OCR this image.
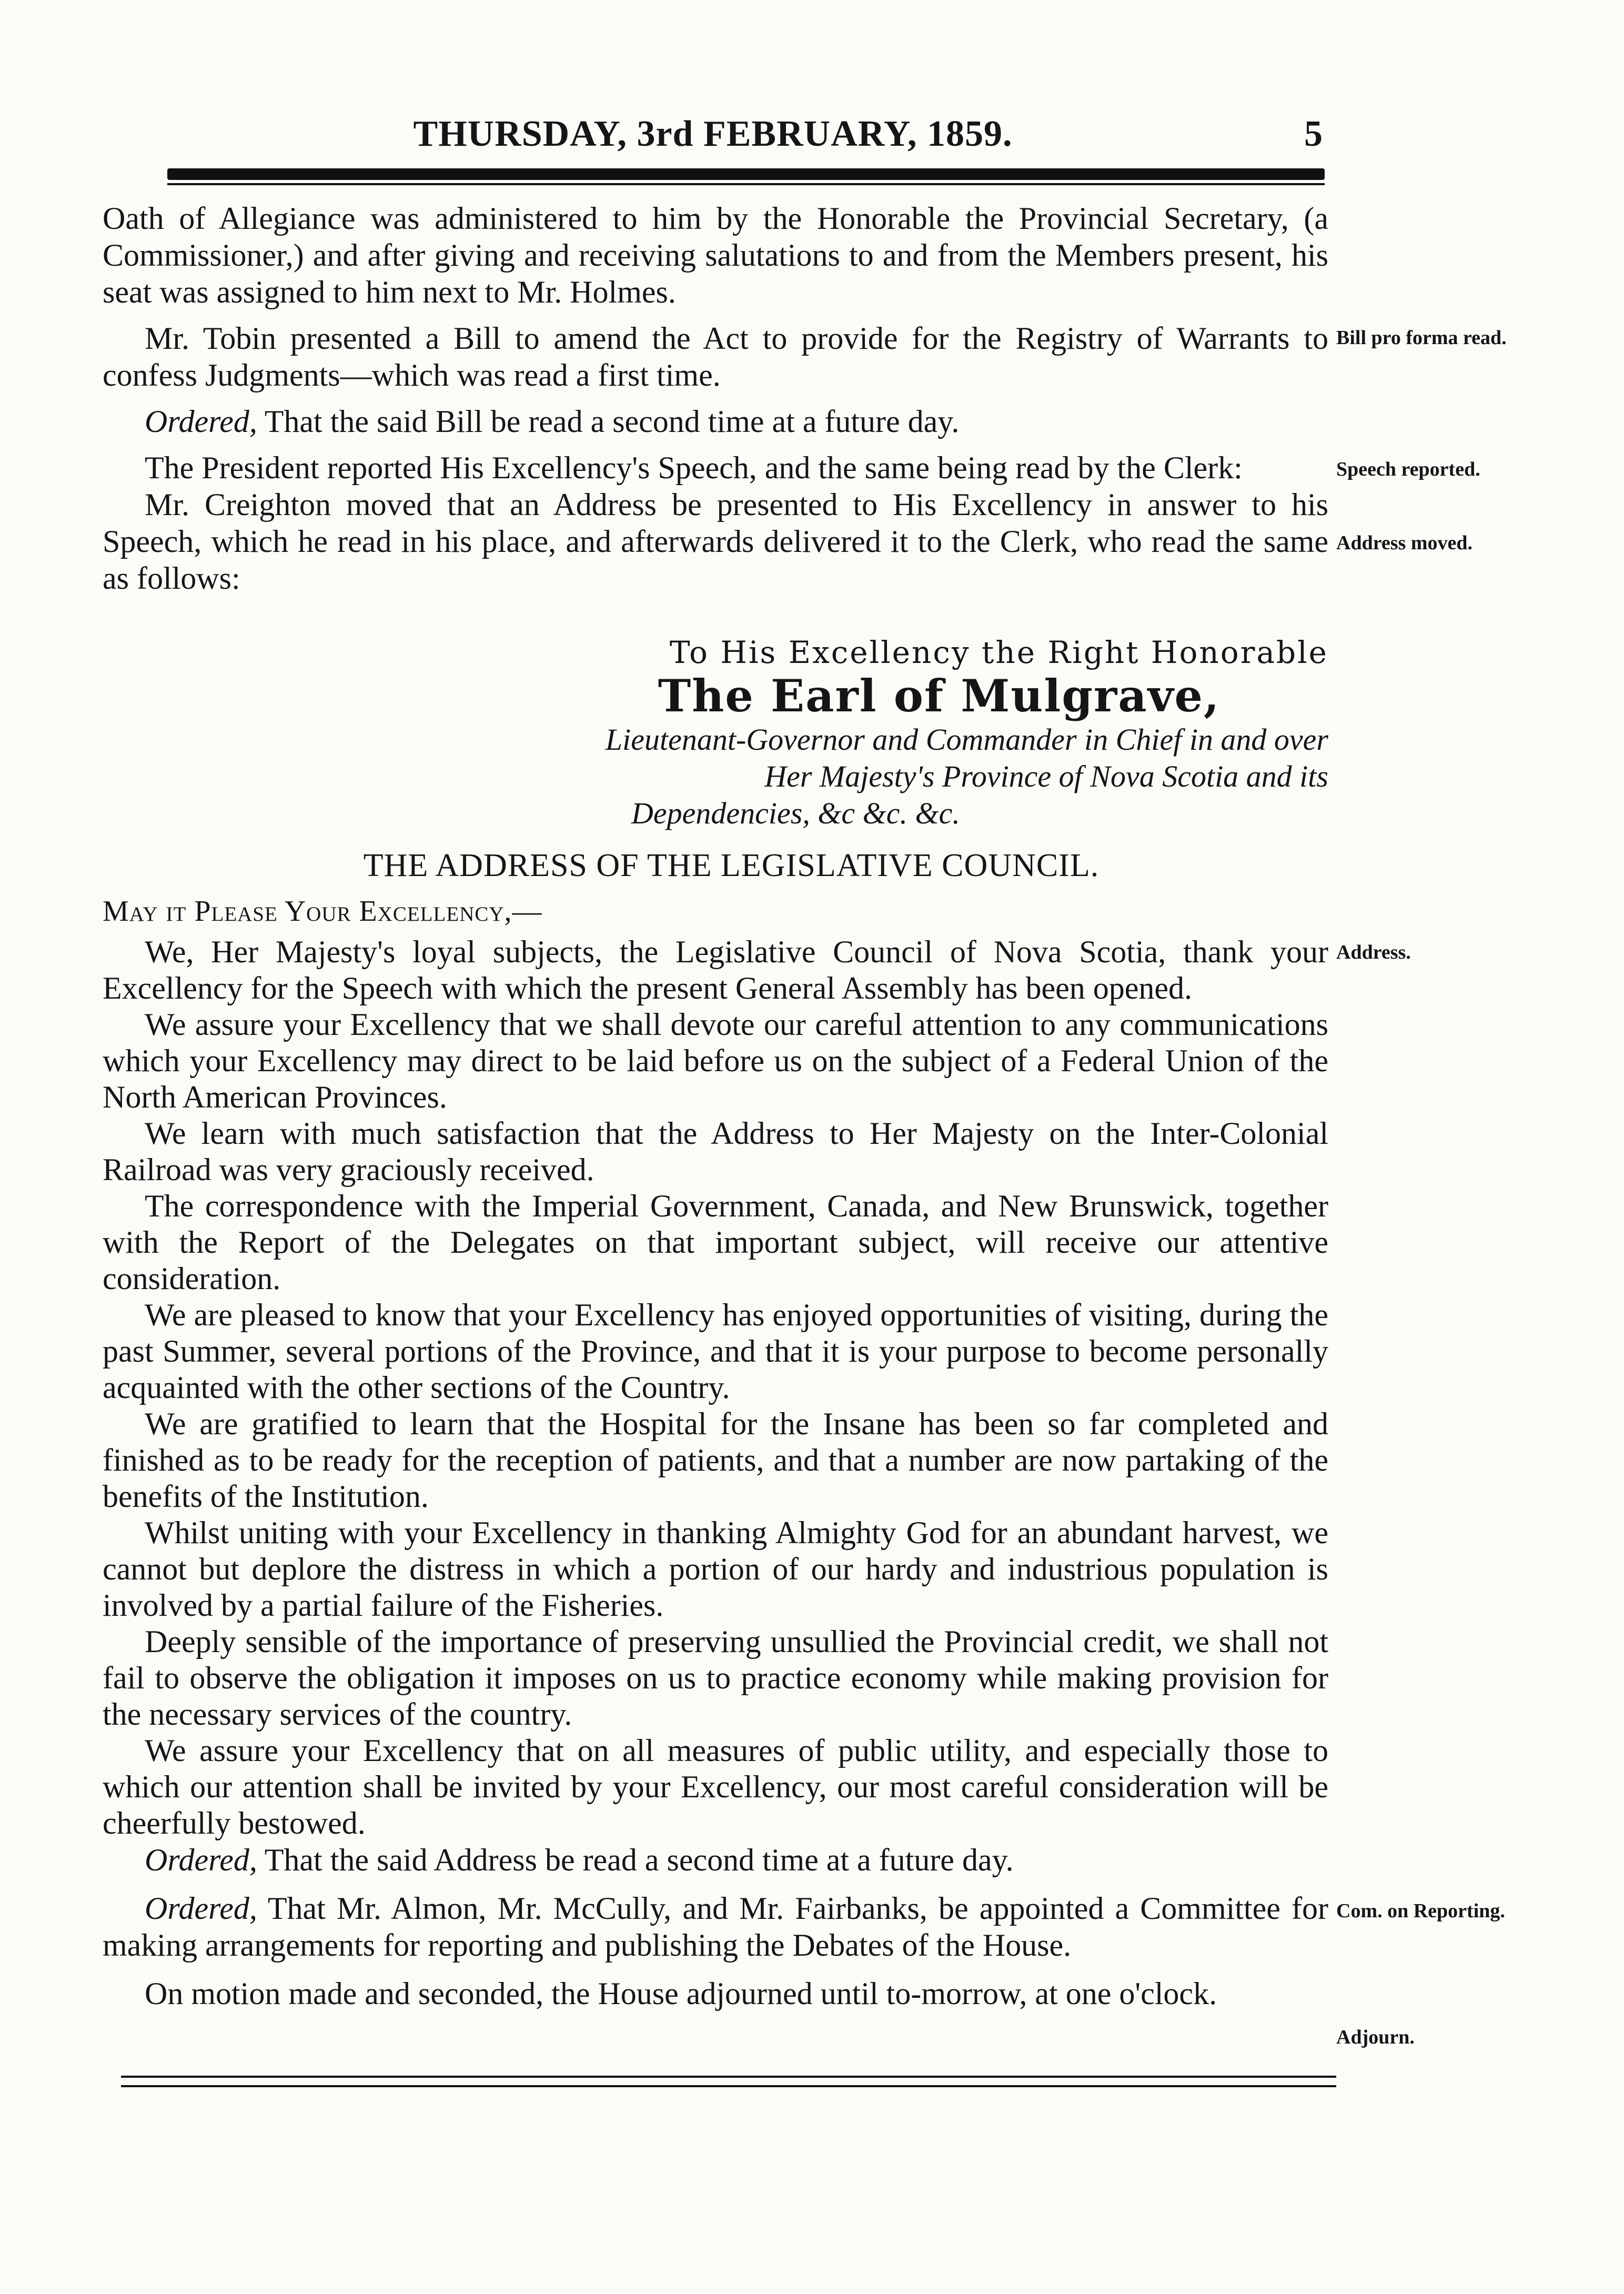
THURSDAY, 3rd FEBRUARY, 1859.	5

Oath of Allegiance was administered to him by the Honorable the Provincial Secretary, (a Commissioner,) and after giving and receiving salutations to and from the Members present, his seat was assigned to him next to Mr. Holmes.

Mr. Tobin presented a Bill to amend the Act to provide for the Registry of Warrants to confess Judgments—which was read a first time.

Ordered, That the said Bill be read a second time at a future day.

The President reported His Excellency's Speech, and the same being read by the Clerk:

Mr. Creighton moved that an Address be presented to His Excellency in answer to his Speech, which he read in his place, and afterwards delivered it to the Clerk, who read the same as follows:

To His Excellency the Right Honorable
The Earl of Mulgrave,
Lieutenant-Governor and Commander in Chief in and over
Her Majesty's Province of Nova Scotia and its
Dependencies, &c &c. &c.
THE ADDRESS OF THE LEGISLATIVE COUNCIL.
May it Please Your Excellency,—

We, Her Majesty's loyal subjects, the Legislative Council of Nova Scotia, thank your Excellency for the Speech with which the present General Assembly has been opened.

We assure your Excellency that we shall devote our careful attention to any communications which your Excellency may direct to be laid before us on the subject of a Federal Union of the North American Provinces.

We learn with much satisfaction that the Address to Her Majesty on the Inter-Colonial Railroad was very graciously received.

The correspondence with the Imperial Government, Canada, and New Brunswick, together with the Report of the Delegates on that important subject, will receive our attentive consideration.

We are pleased to know that your Excellency has enjoyed opportunities of visiting, during the past Summer, several portions of the Province, and that it is your purpose to become personally acquainted with the other sections of the Country.

We are gratified to learn that the Hospital for the Insane has been so far completed and finished as to be ready for the reception of patients, and that a number are now partaking of the benefits of the Institution.

Whilst uniting with your Excellency in thanking Almighty God for an abundant harvest, we cannot but deplore the distress in which a portion of our hardy and industrious population is involved by a partial failure of the Fisheries.

Deeply sensible of the importance of preserving unsullied the Provincial credit, we shall not fail to observe the obligation it imposes on us to practice economy while making provision for the necessary services of the country.

We assure your Excellency that on all measures of public utility, and especially those to which our attention shall be invited by your Excellency, our most careful consideration will be cheerfully bestowed.

Ordered, That the said Address be read a second time at a future day.

Ordered, That Mr. Almon, Mr. McCully, and Mr. Fairbanks, be appointed a Committee for making arrangements for reporting and publishing the Debates of the House.

On motion made and seconded, the House adjourned until to-morrow, at one o'clock.

Bill pro forma read.
Speech reported.
Address moved.
Address.
Com. on Reporting.
Adjourn.
